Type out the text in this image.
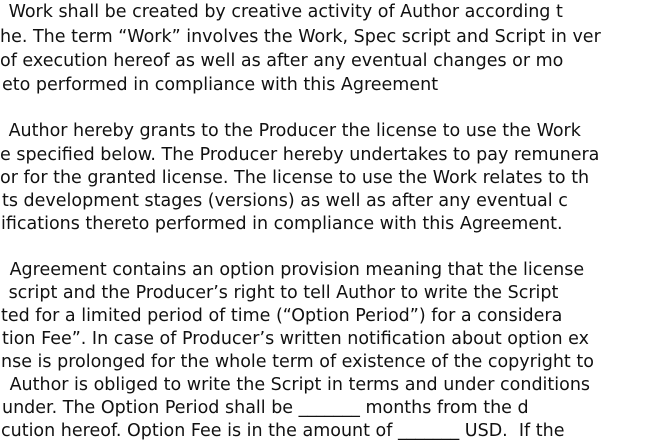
Work shall be created by creative activity of Author according t
he. The term “Work” involves the Work, Spec script and Script in ver
of execution hereof as well as after any eventual changes or mo
eto performed in compliance with this Agreement
Author hereby grants to the Producer the license to use the Work
e specified below. The Producer hereby undertakes to pay remunera
or for the granted license. The license to use the Work relates to th
ts development stages (versions) as well as after any eventual c
ifications thereto performed in compliance with this Agreement.
Agreement contains an option provision meaning that the license
script and the Producer’s right to tell Author to write the Script
ted for a limited period of time (“Option Period”) for a considera
tion Fee”. In case of Producer’s written notification about option ex
nse is prolonged for the whole term of existence of the copyright to
Author is obliged to write the Script in terms and under conditions
under. The Option Period shall be _______ months from the d
cution hereof. Option Fee is in the amount of _______ USD.  If the
